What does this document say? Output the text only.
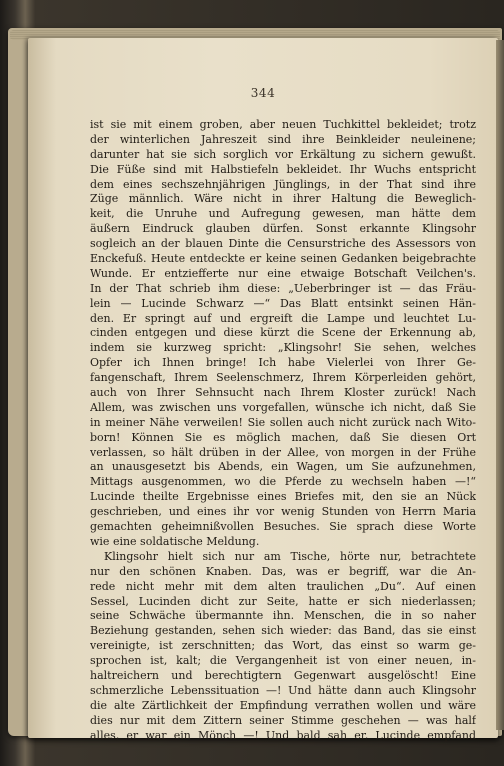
344
ist sie mit einem groben, aber neuen Tuchkittel bekleidet; trotz
der winterlichen Jahreszeit sind ihre Beinkleider neuleinene;
darunter hat sie sich sorglich vor Erkältung zu sichern gewußt.
Die Füße sind mit Halbstiefeln bekleidet. Ihr Wuchs entspricht
dem eines sechszehnjährigen Jünglings, in der That sind ihre
Züge männlich. Wäre nicht in ihrer Haltung die Beweglich-
keit, die Unruhe und Aufregung gewesen, man hätte dem
äußern Eindruck glauben dürfen. Sonst erkannte Klingsohr
sogleich an der blauen Dinte die Censurstriche des Assessors von
Enckefuß. Heute entdeckte er keine seinen Gedanken beigebrachte
Wunde. Er entziefferte nur eine etwaige Botschaft Veilchen's.
In der That schrieb ihm diese: „Ueberbringer ist — das Fräu-
lein — Lucinde Schwarz —“ Das Blatt entsinkt seinen Hän-
den. Er springt auf und ergreift die Lampe und leuchtet Lu-
cinden entgegen und diese kürzt die Scene der Erkennung ab,
indem sie kurzweg spricht: „Klingsohr! Sie sehen, welches
Opfer ich Ihnen bringe! Ich habe Vielerlei von Ihrer Ge-
fangenschaft, Ihrem Seelenschmerz, Ihrem Körperleiden gehört,
auch von Ihrer Sehnsucht nach Ihrem Kloster zurück! Nach
Allem, was zwischen uns vorgefallen, wünsche ich nicht, daß Sie
in meiner Nähe verweilen! Sie sollen auch nicht zurück nach Wito-
born! Können Sie es möglich machen, daß Sie diesen Ort
verlassen, so hält drüben in der Allee, von morgen in der Frühe
an unausgesetzt bis Abends, ein Wagen, um Sie aufzunehmen,
Mittags ausgenommen, wo die Pferde zu wechseln haben —!“
Lucinde theilte Ergebnisse eines Briefes mit, den sie an Nück
geschrieben, und eines ihr vor wenig Stunden von Herrn Maria
gemachten geheimnißvollen Besuches. Sie sprach diese Worte
wie eine soldatische Meldung.
Klingsohr hielt sich nur am Tische, hörte nur, betrachtete
nur den schönen Knaben. Das, was er begriff, war die An-
rede nicht mehr mit dem alten traulichen „Du“. Auf einen
Sessel, Lucinden dicht zur Seite, hatte er sich niederlassen;
seine Schwäche übermannte ihn. Menschen, die in so naher
Beziehung gestanden, sehen sich wieder: das Band, das sie einst
vereinigte, ist zerschnitten; das Wort, das einst so warm ge-
sprochen ist, kalt; die Vergangenheit ist von einer neuen, in-
haltreichern und berechtigtern Gegenwart ausgelöscht! Eine
schmerzliche Lebenssituation —! Und hätte dann auch Klingsohr
die alte Zärtlichkeit der Empfindung verrathen wollen und wäre
dies nur mit dem Zittern seiner Stimme geschehen — was half
alles, er war ein Mönch —! Und bald sah er, Lucinde empfand
